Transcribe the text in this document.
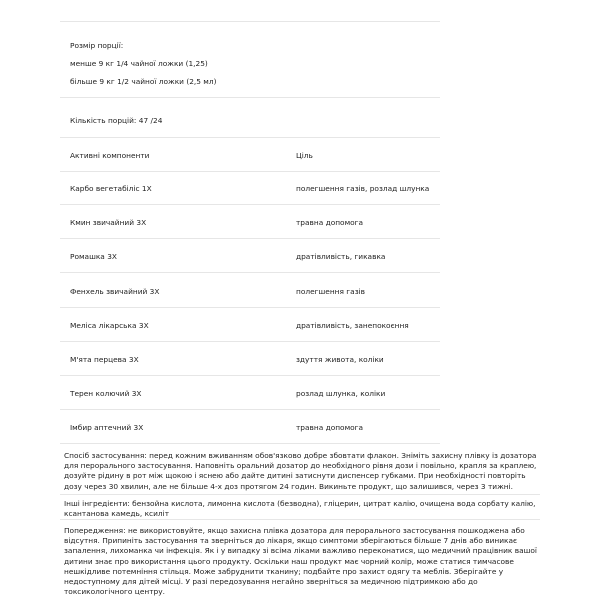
Розмір порції:
менше 9 кг 1/4 чайної ложки (1,25)
більше 9 кг 1/2 чайної ложки (2,5 мл)
Кількість порцій: 47 /24
Активні компоненти	Ціль
Карбо вегетабіліс 1X	полегшення газів, розлад шлунка
Кмин звичайний 3X	травна допомога
Ромашка 3X	дратівливість, гикавка
Фенхель звичайний 3X	полегшення газів
Меліса лікарська 3X	дратівливість, занепокоєння
М'ята перцева 3X	здуття живота, коліки
Терен колючий 3X	розлад шлунка, коліки
Імбир аптечний 3X	травна допомога

Спосіб застосування: перед кожним вживанням обов'язково добре збовтати флакон. Зніміть захисну плівку із дозатора для перорального застосування. Наповніть оральний дозатор до необхідного рівня дози і повільно, крапля за краплею, дозуйте рідину в рот між щокою і яснею або дайте дитині затиснути диспенсер губками. При необхідності повторіть дозу через 30 хвилин, але не більше 4-х доз протягом 24 годин. Викиньте продукт, що залишився, через 3 тижні.

Інші інгредієнти: бензойна кислота, лимонна кислота (безводна), гліцерин, цитрат калію, очищена вода сорбату калію, ксантанова камедь, ксиліт

Попередження: не використовуйте, якщо захисна плівка дозатора для перорального застосування пошкоджена або відсутня. Припиніть застосування та зверніться до лікаря, якщо симптоми зберігаються більше 7 днів або виникає запалення, лихоманка чи інфекція. Як і у випадку зі всіма ліками важливо переконатися, що медичний працівник вашої дитини знає про використання цього продукту. Оскільки наш продукт має чорний колір, може статися тимчасове нешкідливе потемніння стільця. Може забруднити тканину; подбайте про захист одягу та меблів. Зберігайте у недоступному для дітей місці. У разі передозування негайно зверніться за медичною підтримкою або до токсикологічного центру.
